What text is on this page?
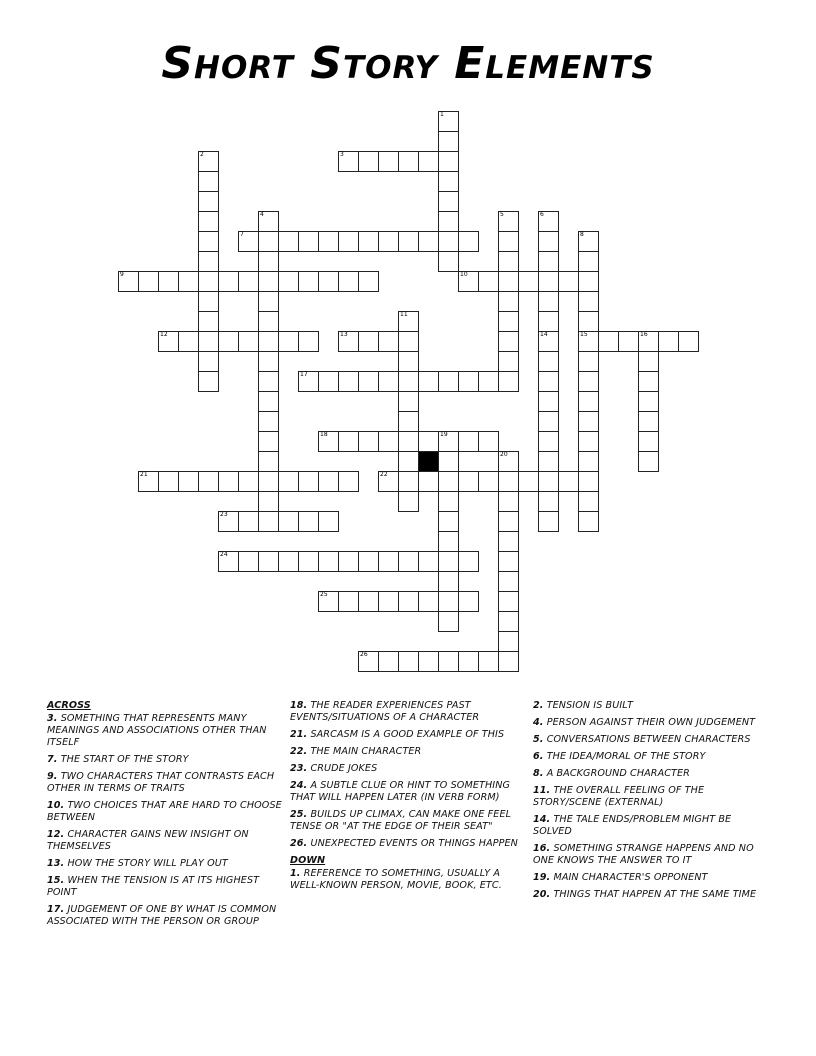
Short Story Elements
1
2
4	5	6
14
8
15
11
16
19
20
3
7
9	10
12	13
17
18
21	22
23
24
25
26
ACROSS
3. SOMETHING THAT REPRESENTS MANY MEANINGS AND ASSOCIATIONS OTHER THAN ITSELF
7. THE START OF THE STORY
9. TWO CHARACTERS THAT CONTRASTS EACH OTHER IN TERMS OF TRAITS
10. TWO CHOICES THAT ARE HARD TO CHOOSE BETWEEN
12. CHARACTER GAINS NEW INSIGHT ON THEMSELVES
13. HOW THE STORY WILL PLAY OUT
15. WHEN THE TENSION IS AT ITS HIGHEST POINT
17. JUDGEMENT OF ONE BY WHAT IS COMMON ASSOCIATED WITH THE PERSON OR GROUP
18. THE READER EXPERIENCES PAST EVENTS/SITUATIONS OF A CHARACTER
21. SARCASM IS A GOOD EXAMPLE OF THIS
22. THE MAIN CHARACTER
23. CRUDE JOKES
24. A SUBTLE CLUE OR HINT TO SOMETHING THAT WILL HAPPEN LATER (IN VERB FORM)
25. BUILDS UP CLIMAX, CAN MAKE ONE FEEL TENSE OR "AT THE EDGE OF THEIR SEAT"
26. UNEXPECTED EVENTS OR THINGS HAPPEN
DOWN
1. REFERENCE TO SOMETHING, USUALLY A WELL-KNOWN PERSON, MOVIE, BOOK, ETC.
2. TENSION IS BUILT
4. PERSON AGAINST THEIR OWN JUDGEMENT
5. CONVERSATIONS BETWEEN CHARACTERS
6. THE IDEA/MORAL OF THE STORY
8. A BACKGROUND CHARACTER
11. THE OVERALL FEELING OF THE STORY/SCENE (EXTERNAL)
14. THE TALE ENDS/PROBLEM MIGHT BE SOLVED
16. SOMETHING STRANGE HAPPENS AND NO ONE KNOWS THE ANSWER TO IT
19. MAIN CHARACTER'S OPPONENT
20. THINGS THAT HAPPEN AT THE SAME TIME
